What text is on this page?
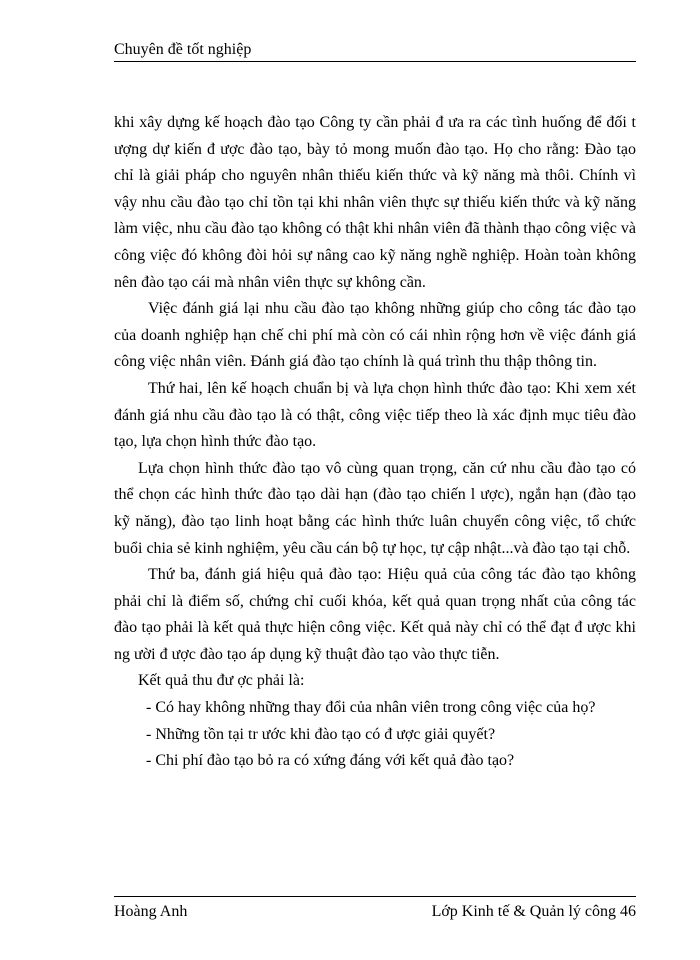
Chuyên đề tốt nghiệp

khi xây dựng kế hoạch đào tạo Công ty cần phải đ ưa ra các tình huống để đối t ượng dự kiến đ ược đào tạo, bày tỏ mong muốn đào tạo. Họ cho rằng: Đào tạo chỉ là giải pháp cho nguyên nhân thiếu kiến thức và kỹ năng mà thôi. Chính vì vậy nhu cầu đào tạo chỉ tồn tại khi nhân viên thực sự thiếu kiến thức và kỹ năng làm việc, nhu cầu đào tạo không có thật khi nhân viên đã thành thạo công việc và công việc đó không đòi hỏi sự nâng cao kỹ năng nghề nghiệp. Hoàn toàn không nên đào tạo cái mà nhân viên thực sự không cần.

Việc đánh giá lại nhu cầu đào tạo không những giúp cho công tác đào tạo của doanh nghiệp hạn chế chi phí mà còn có cái nhìn rộng hơn về việc đánh giá công việc nhân viên. Đánh giá đào tạo chính là quá trình thu thập thông tin.

Thứ hai, lên kế hoạch chuẩn bị và lựa chọn hình thức đào tạo: Khi xem xét đánh giá nhu cầu đào tạo là có thật, công việc tiếp theo là xác định mục tiêu đào tạo, lựa chọn hình thức đào tạo.

Lựa chọn hình thức đào tạo vô cùng quan trọng, căn cứ nhu cầu đào tạo có thể chọn các hình thức đào tạo dài hạn (đào tạo chiến l ược), ngắn hạn (đào tạo kỹ năng), đào tạo linh hoạt bằng các hình thức luân chuyển công việc, tổ chức buổi chia sẻ kinh nghiệm, yêu cầu cán bộ tự học, tự cập nhật...và đào tạo tại chỗ.

Thứ ba, đánh giá hiệu quả đào tạo: Hiệu quả của công tác đào tạo không phải chỉ là điểm số, chứng chỉ cuối khóa, kết quả quan trọng nhất của công tác đào tạo phải là kết quả thực hiện công việc. Kết quả này chỉ có thể đạt đ ược khi ng ười đ ược đào tạo áp dụng kỹ thuật đào tạo vào thực tiễn.

Kết quả thu đư ợc phải là:

- Có hay không những thay đổi của nhân viên trong công việc của họ?

- Những tồn tại tr ước khi đào tạo có đ ược giải quyết?

- Chi phí đào tạo bỏ ra có xứng đáng với kết quả đào tạo?

Hoàng Anh	Lớp Kinh tế & Quản lý công 46
